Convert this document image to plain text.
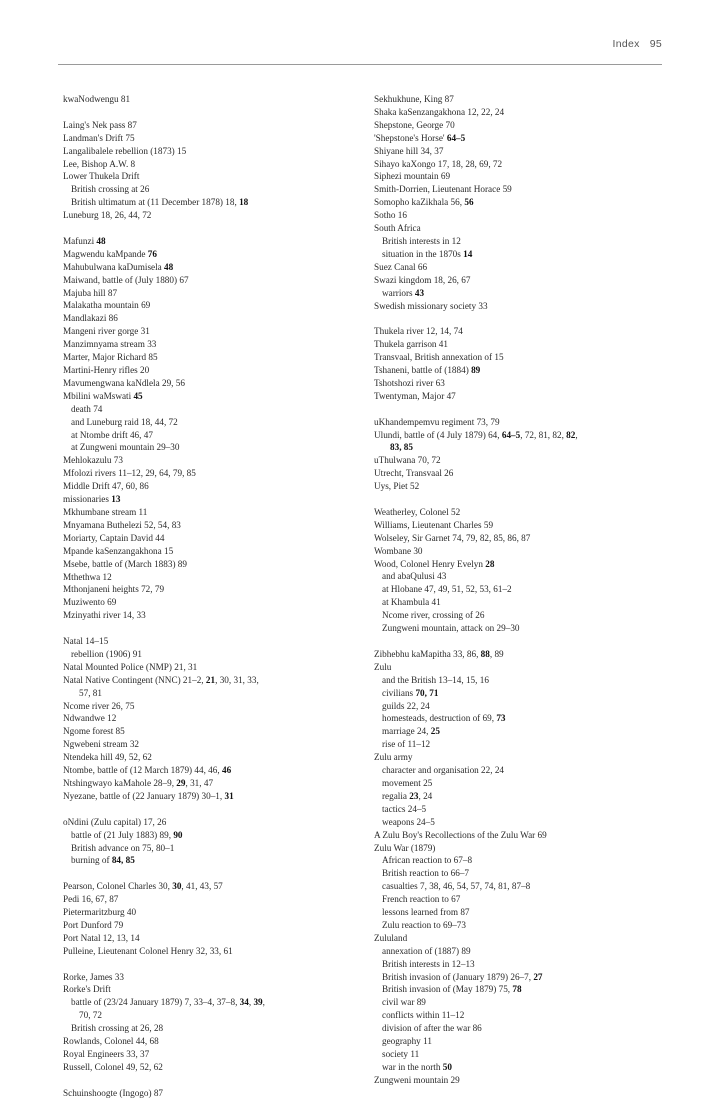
Index 95
kwaNodwengu 81
Laing's Nek pass 87
Landman's Drift 75
Langalibalele rebellion (1873) 15
Lee, Bishop A.W. 8
Lower Thukela Drift
British crossing at 26
British ultimatum at (11 December 1878) 18, 18
Luneburg 18, 26, 44, 72
Mafunzi 48
Magwendu kaMpande 76
Mahubulwana kaDumisela 48
Maiwand, battle of (July 1880) 67
Majuba hill 87
Malakatha mountain 69
Mandlakazi 86
Mangeni river gorge 31
Manzimnyama stream 33
Marter, Major Richard 85
Martini-Henry rifles 20
Mavumengwana kaNdlela 29, 56
Mbilini waMswati 45
death 74
and Luneburg raid 18, 44, 72
at Ntombe drift 46, 47
at Zungweni mountain 29–30
Mehlokazulu 73
Mfolozi rivers 11–12, 29, 64, 79, 85
Middle Drift 47, 60, 86
missionaries 13
Mkhumbane stream 11
Mnyamana Buthelezi 52, 54, 83
Moriarty, Captain David 44
Mpande kaSenzangakhona 15
Msebe, battle of (March 1883) 89
Mthethwa 12
Mthonjaneni heights 72, 79
Muziwento 69
Mzinyathi river 14, 33
Natal 14–15
rebellion (1906) 91
Natal Mounted Police (NMP) 21, 31
Natal Native Contingent (NNC) 21–2, 21, 30, 31, 33,
57, 81
Ncome river 26, 75
Ndwandwe 12
Ngome forest 85
Ngwebeni stream 32
Ntendeka hill 49, 52, 62
Ntombe, battle of (12 March 1879) 44, 46, 46
Ntshingwayo kaMahole 28–9, 29, 31, 47
Nyezane, battle of (22 January 1879) 30–1, 31
oNdini (Zulu capital) 17, 26
battle of (21 July 1883) 89, 90
British advance on 75, 80–1
burning of 84, 85
Pearson, Colonel Charles 30, 30, 41, 43, 57
Pedi 16, 67, 87
Pietermaritzburg 40
Port Dunford 79
Port Natal 12, 13, 14
Pulleine, Lieutenant Colonel Henry 32, 33, 61
Rorke, James 33
Rorke's Drift
battle of (23/24 January 1879) 7, 33–4, 37–8, 34, 39,
70, 72
British crossing at 26, 28
Rowlands, Colonel 44, 68
Royal Engineers 33, 37
Russell, Colonel 49, 52, 62
Schuinshoogte (Ingogo) 87
Sekhukhune, King 87
Shaka kaSenzangakhona 12, 22, 24
Shepstone, George 70
'Shepstone's Horse' 64–5
Shiyane hill 34, 37
Sihayo kaXongo 17, 18, 28, 69, 72
Siphezi mountain 69
Smith-Dorrien, Lieutenant Horace 59
Somopho kaZikhala 56, 56
Sotho 16
South Africa
British interests in 12
situation in the 1870s 14
Suez Canal 66
Swazi kingdom 18, 26, 67
warriors 43
Swedish missionary society 33
Thukela river 12, 14, 74
Thukela garrison 41
Transvaal, British annexation of 15
Tshaneni, battle of (1884) 89
Tshotshozi river 63
Twentyman, Major 47
uKhandempemvu regiment 73, 79
Ulundi, battle of (4 July 1879) 64, 64–5, 72, 81, 82, 82,
83, 85
uThulwana 70, 72
Utrecht, Transvaal 26
Uys, Piet 52
Weatherley, Colonel 52
Williams, Lieutenant Charles 59
Wolseley, Sir Garnet 74, 79, 82, 85, 86, 87
Wombane 30
Wood, Colonel Henry Evelyn 28
and abaQulusi 43
at Hlobane 47, 49, 51, 52, 53, 61–2
at Khambula 41
Ncome river, crossing of 26
Zungweni mountain, attack on 29–30
Zibhebhu kaMapitha 33, 86, 88, 89
Zulu
and the British 13–14, 15, 16
civilians 70, 71
guilds 22, 24
homesteads, destruction of 69, 73
marriage 24, 25
rise of 11–12
Zulu army
character and organisation 22, 24
movement 25
regalia 23, 24
tactics 24–5
weapons 24–5
A Zulu Boy's Recollections of the Zulu War 69
Zulu War (1879)
African reaction to 67–8
British reaction to 66–7
casualties 7, 38, 46, 54, 57, 74, 81, 87–8
French reaction to 67
lessons learned from 87
Zulu reaction to 69–73
Zululand
annexation of (1887) 89
British interests in 12–13
British invasion of (January 1879) 26–7, 27
British invasion of (May 1879) 75, 78
civil war 89
conflicts within 11–12
division of after the war 86
geography 11
society 11
war in the north 50
Zungweni mountain 29
